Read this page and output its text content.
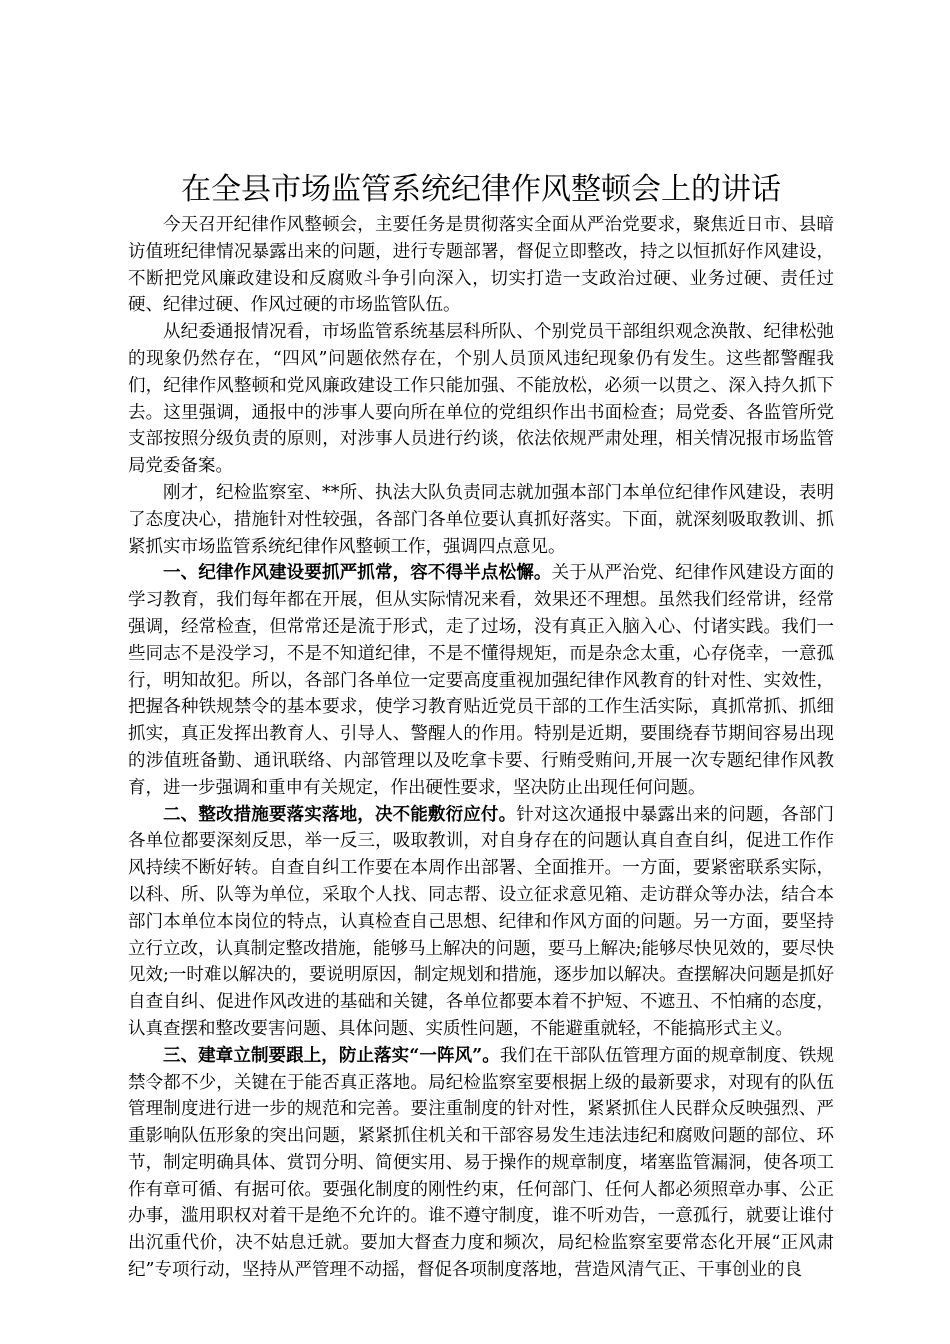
在全县市场监管系统纪律作风整顿会上的讲话

今天召开纪律作风整顿会，主要任务是贯彻落实全面从严治党要求，聚焦近日市、县暗访值班纪律情况暴露出来的问题，进行专题部署，督促立即整改，持之以恒抓好作风建设，不断把党风廉政建设和反腐败斗争引向深入，切实打造一支政治过硬、业务过硬、责任过硬、纪律过硬、作风过硬的市场监管队伍。

从纪委通报情况看，市场监管系统基层科所队、个别党员干部组织观念涣散、纪律松弛的现象仍然存在，“四风”问题依然存在，个别人员顶风违纪现象仍有发生。这些都警醒我们，纪律作风整顿和党风廉政建设工作只能加强、不能放松，必须一以贯之、深入持久抓下去。这里强调，通报中的涉事人要向所在单位的党组织作出书面检查；局党委、各监管所党支部按照分级负责的原则，对涉事人员进行约谈，依法依规严肃处理，相关情况报市场监管局党委备案。

刚才，纪检监察室、**所、执法大队负责同志就加强本部门本单位纪律作风建设，表明了态度决心，措施针对性较强，各部门各单位要认真抓好落实。下面，就深刻吸取教训、抓紧抓实市场监管系统纪律作风整顿工作，强调四点意见。

一、纪律作风建设要抓严抓常，容不得半点松懈。关于从严治党、纪律作风建设方面的学习教育，我们每年都在开展，但从实际情况来看，效果还不理想。虽然我们经常讲，经常强调，经常检查，但常常还是流于形式，走了过场，没有真正入脑入心、付诸实践。我们一些同志不是没学习，不是不知道纪律，不是不懂得规矩，而是杂念太重，心存侥幸，一意孤行，明知故犯。所以，各部门各单位一定要高度重视加强纪律作风教育的针对性、实效性，把握各种铁规禁令的基本要求，使学习教育贴近党员干部的工作生活实际，真抓常抓、抓细抓实，真正发挥出教育人、引导人、警醒人的作用。特别是近期，要围绕春节期间容易出现的涉值班备勤、通讯联络、内部管理以及吃拿卡要、行贿受贿问,开展一次专题纪律作风教育，进一步强调和重申有关规定，作出硬性要求，坚决防止出现任何问题。

二、整改措施要落实落地，决不能敷衍应付。针对这次通报中暴露出来的问题，各部门各单位都要深刻反思，举一反三，吸取教训，对自身存在的问题认真自查自纠，促进工作作风持续不断好转。自查自纠工作要在本周作出部署、全面推开。一方面，要紧密联系实际，以科、所、队等为单位，采取个人找、同志帮、设立征求意见箱、走访群众等办法，结合本部门本单位本岗位的特点，认真检查自己思想、纪律和作风方面的问题。另一方面，要坚持立行立改，认真制定整改措施，能够马上解决的问题，要马上解决;能够尽快见效的，要尽快见效;一时难以解决的，要说明原因，制定规划和措施，逐步加以解决。查摆解决问题是抓好自查自纠、促进作风改进的基础和关键，各单位都要本着不护短、不遮丑、不怕痛的态度，认真查摆和整改要害问题、具体问题、实质性问题，不能避重就轻，不能搞形式主义。

三、建章立制要跟上，防止落实“一阵风”。我们在干部队伍管理方面的规章制度、铁规禁令都不少，关键在于能否真正落地。局纪检监察室要根据上级的最新要求，对现有的队伍管理制度进行进一步的规范和完善。要注重制度的针对性，紧紧抓住人民群众反映强烈、严重影响队伍形象的突出问题，紧紧抓住机关和干部容易发生违法违纪和腐败问题的部位、环节，制定明确具体、赏罚分明、简便实用、易于操作的规章制度，堵塞监管漏洞，使各项工作有章可循、有据可依。要强化制度的刚性约束，任何部门、任何人都必须照章办事、公正办事，滥用职权对着干是绝不允许的。谁不遵守制度，谁不听劝告，一意孤行，就要让谁付出沉重代价，决不姑息迁就。要加大督查力度和频次，局纪检监察室要常态化开展“正风肃纪”专项行动，坚持从严管理不动摇，督促各项制度落地，营造风清气正、干事创业的良
